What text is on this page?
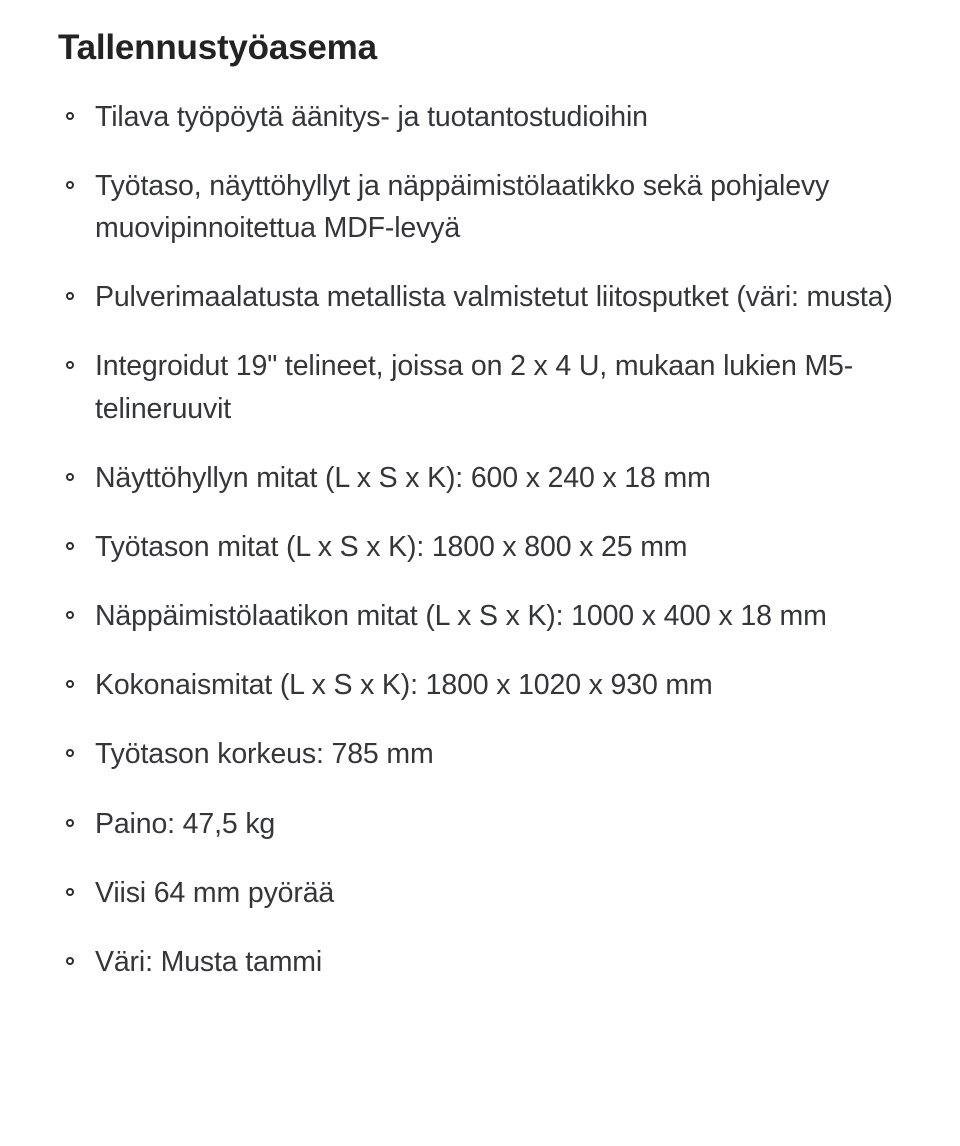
Tallennustyöasema
Tilava työpöytä äänitys- ja tuotantostudioihin
Työtaso, näyttöhyllyt ja näppäimistölaatikko sekä pohjalevy muovipinnoitettua MDF-levyä
Pulverimaalatusta metallista valmistetut liitosputket (väri: musta)
Integroidut 19" telineet, joissa on 2 x 4 U, mukaan lukien M5-telineruuvit
Näyttöhyllyn mitat (L x S x K): 600 x 240 x 18 mm
Työtason mitat (L x S x K): 1800 x 800 x 25 mm
Näppäimistölaatikon mitat (L x S x K): 1000 x 400 x 18 mm
Kokonaismitat (L x S x K): 1800 x 1020 x 930 mm
Työtason korkeus: 785 mm
Paino: 47,5 kg
Viisi 64 mm pyörää
Väri: Musta tammi
